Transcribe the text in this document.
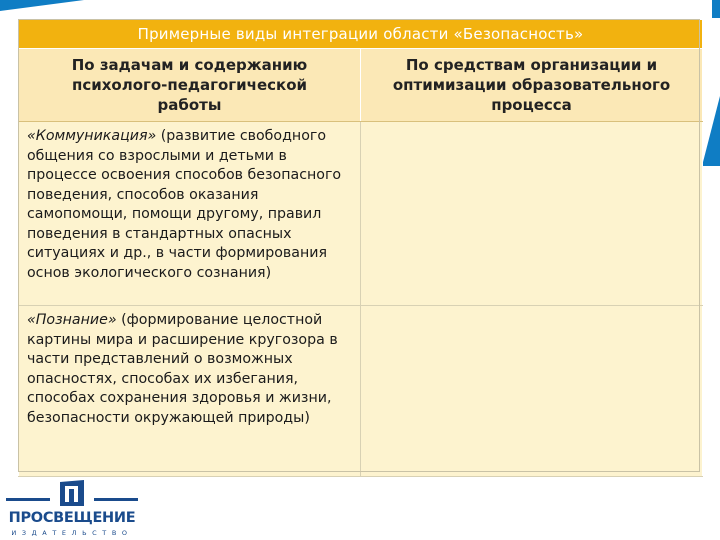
Примерные виды интеграции области «Безопасность»	

По задачам и содержанию психолого-педагогической работы	По средствам организации и оптимизации образовательного процесса

«Коммуникация» (развитие свободного общения со взрослыми и детьми в процессе освоения способов безопасного поведения, способов оказания самопомощи, помощи другому, правил поведения в стандартных опасных ситуациях и др., в части формирования основ экологического сознания)	

«Познание» (формирование целостной картины мира и расширение кругозора в части представлений о возможных опасностях, способах их избегания, способах сохранения здоровья и жизни, безопасности окружающей природы)	

ПРОСВЕЩЕНИЕ
ИЗДАТЕЛЬСТВО
